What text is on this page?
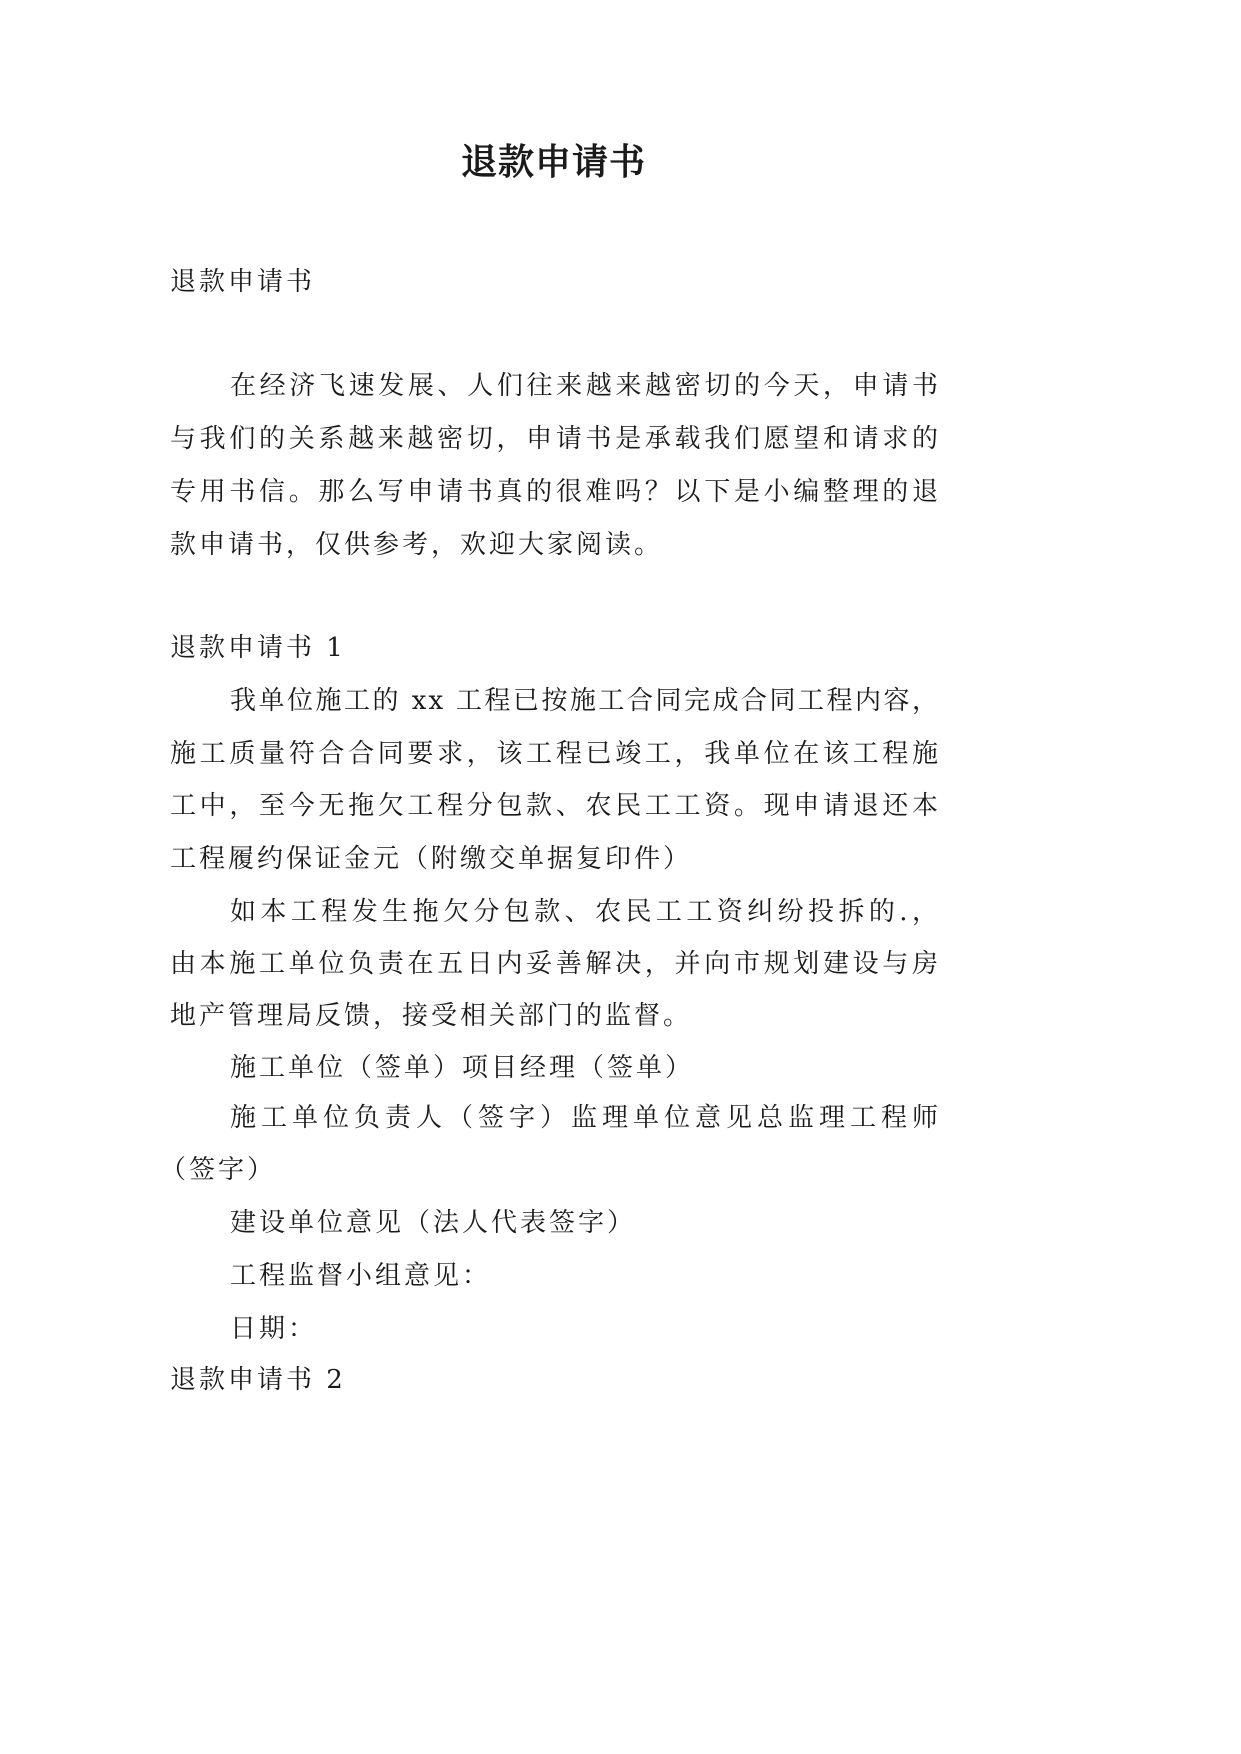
退款申请书

退款申请书

在经济飞速发展、人们往来越来越密切的今天，申请书

与我们的关系越来越密切，申请书是承载我们愿望和请求的

专用书信。那么写申请书真的很难吗？以下是小编整理的退

款申请书，仅供参考，欢迎大家阅读。

退款申请书 1

我单位施工的 xx 工程已按施工合同完成合同工程内容，

施工质量符合合同要求，该工程已竣工，我单位在该工程施

工中，至今无拖欠工程分包款、农民工工资。现申请退还本

工程履约保证金元（附缴交单据复印件）

如本工程发生拖欠分包款、农民工工资纠纷投拆的.，

由本施工单位负责在五日内妥善解决，并向市规划建设与房

地产管理局反馈，接受相关部门的监督。

施工单位（签单）项目经理（签单）

施工单位负责人（签字）监理单位意见总监理工程师

（签字）

建设单位意见（法人代表签字）

工程监督小组意见：

日期：

退款申请书 2
